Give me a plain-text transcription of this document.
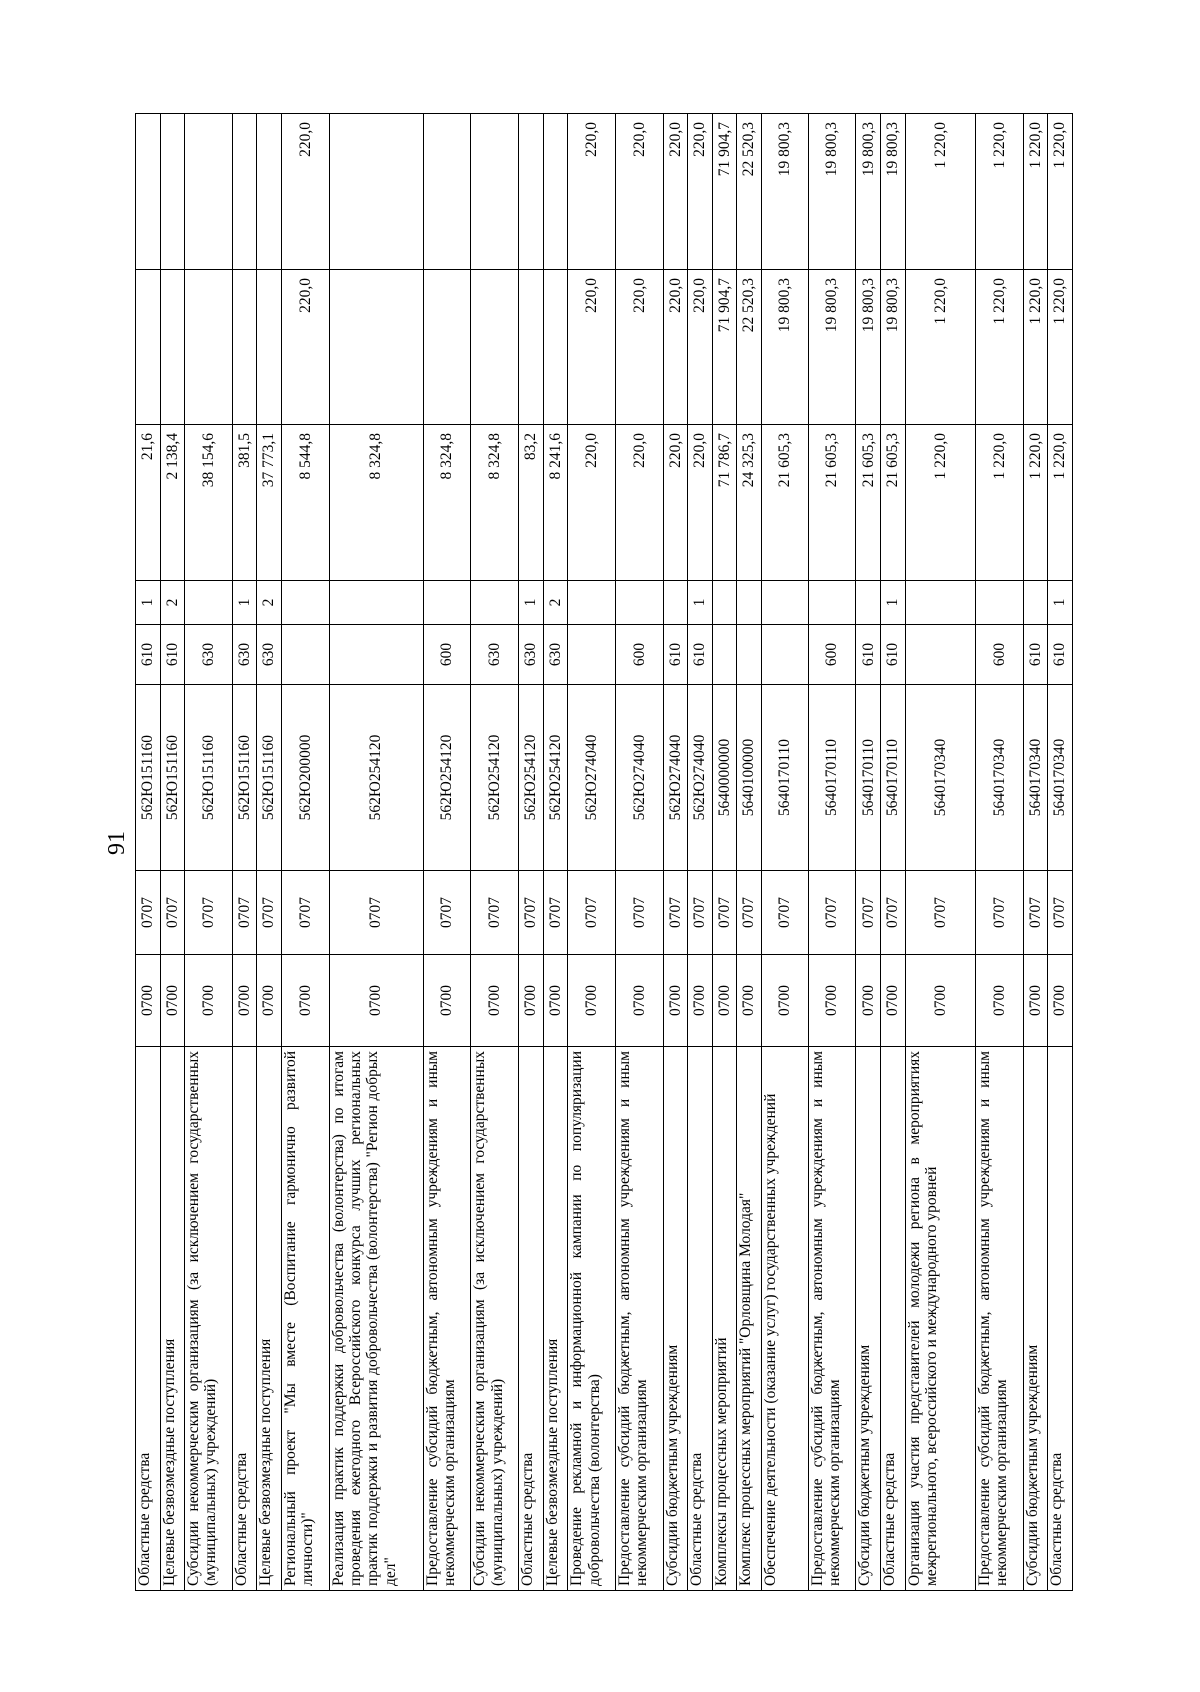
91
Областные средства	0700	0707	562Ю151160	610	1	21,6		
Целевые безвозмездные поступления	0700	0707	562Ю151160	610	2	2 138,4		
Субсидии некоммерческим организациям (за исключением государственных (муниципальных) учреждений)	0700	0707	562Ю151160	630		38 154,6		
Областные средства	0700	0707	562Ю151160	630	1	381,5		
Целевые безвозмездные поступления	0700	0707	562Ю151160	630	2	37 773,1		
Региональный проект "Мы вместе (Воспитание гармонично развитой личности)"	0700	0707	562Ю200000			8 544,8	220,0	220,0
Реализация практик поддержки добровольчества (волонтерства) по итогам проведения ежегодного Всероссийского конкурса лучших региональных практик поддержки и развития добровольчества (волонтерства) "Регион добрых дел"	0700	0707	562Ю254120			8 324,8		
Предоставление субсидий бюджетным, автономным учреждениям и иным некоммерческим организациям	0700	0707	562Ю254120	600		8 324,8		
Субсидии некоммерческим организациям (за исключением государственных (муниципальных) учреждений)	0700	0707	562Ю254120	630		8 324,8		
Областные средства	0700	0707	562Ю254120	630	1	83,2		
Целевые безвозмездные поступления	0700	0707	562Ю254120	630	2	8 241,6		
Проведение рекламной и информационной кампании по популяризации добровольчества (волонтерства)	0700	0707	562Ю274040			220,0	220,0	220,0
Предоставление субсидий бюджетным, автономным учреждениям и иным некоммерческим организациям	0700	0707	562Ю274040	600		220,0	220,0	220,0
Субсидии бюджетным учреждениям	0700	0707	562Ю274040	610		220,0	220,0	220,0
Областные средства	0700	0707	562Ю274040	610	1	220,0	220,0	220,0
Комплексы процессных мероприятий	0700	0707	5640000000			71 786,7	71 904,7	71 904,7
Комплекс процессных мероприятий "Орловщина Молодая"	0700	0707	5640100000			24 325,3	22 520,3	22 520,3
Обеспечение деятельности (оказание услуг) государственных учреждений	0700	0707	5640170110			21 605,3	19 800,3	19 800,3
Предоставление субсидий бюджетным, автономным учреждениям и иным некоммерческим организациям	0700	0707	5640170110	600		21 605,3	19 800,3	19 800,3
Субсидии бюджетным учреждениям	0700	0707	5640170110	610		21 605,3	19 800,3	19 800,3
Областные средства	0700	0707	5640170110	610	1	21 605,3	19 800,3	19 800,3
Организация участия представителей молодежи региона в мероприятиях межрегионального, всероссийского и международного уровней	0700	0707	5640170340			1 220,0	1 220,0	1 220,0
Предоставление субсидий бюджетным, автономным учреждениям и иным некоммерческим организациям	0700	0707	5640170340	600		1 220,0	1 220,0	1 220,0
Субсидии бюджетным учреждениям	0700	0707	5640170340	610		1 220,0	1 220,0	1 220,0
Областные средства	0700	0707	5640170340	610	1	1 220,0	1 220,0	1 220,0
